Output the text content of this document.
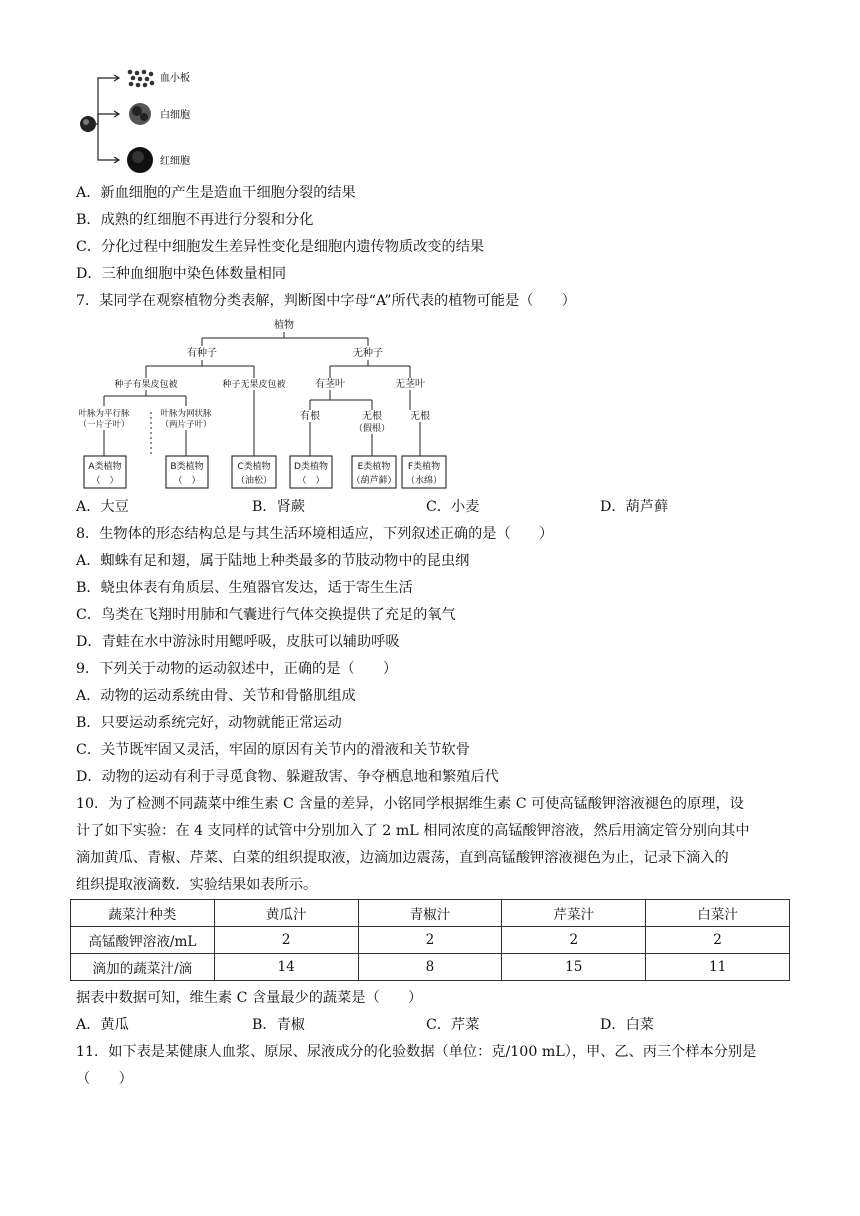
血小板
白细胞
红细胞
A．新血细胞的产生是造血干细胞分裂的结果
B．成熟的红细胞不再进行分裂和分化
C．分化过程中细胞发生差异性变化是细胞内遗传物质改变的结果
D．三种血细胞中染色体数量相同
7．某同学在观察植物分类表解，判断图中字母“A”所代表的植物可能是（　　）
植物
有种子	无种子
种子有果皮包被	种子无果皮包被	有茎叶	无茎叶
叶脉为平行脉
（一片子叶）
叶脉为网状脉
（两片子叶）
有根	无根
（假根）
无根
A类植物
（　）
B类植物
（　）
C类植物
（油松）
D类植物
（　）
E类植物
（葫芦藓）
F类植物
（水绵）
A．大豆	B．肾蕨	C．小麦	D．葫芦藓
8．生物体的形态结构总是与其生活环境相适应，下列叙述正确的是（　　）
A．蜘蛛有足和翅，属于陆地上种类最多的节肢动物中的昆虫纲
B．蛲虫体表有角质层、生殖器官发达，适于寄生生活
C．鸟类在飞翔时用肺和气囊进行气体交换提供了充足的氧气
D．青蛙在水中游泳时用鳃呼吸，皮肤可以辅助呼吸
9．下列关于动物的运动叙述中，正确的是（　　）
A．动物的运动系统由骨、关节和骨骼肌组成
B．只要运动系统完好，动物就能正常运动
C．关节既牢固又灵活，牢固的原因有关节内的滑液和关节软骨
D．动物的运动有利于寻觅食物、躲避敌害、争夺栖息地和繁殖后代
10．为了检测不同蔬菜中维生素 C 含量的差异，小铭同学根据维生素 C 可使高锰酸钾溶液褪色的原理，设
计了如下实验：在 4 支同样的试管中分别加入了 2 mL 相同浓度的高锰酸钾溶液，然后用滴定管分别向其中
滴加黄瓜、青椒、芹菜、白菜的组织提取液，边滴加边震荡，直到高锰酸钾溶液褪色为止，记录下滴入的
组织提取液滴数．实验结果如表所示。
蔬菜汁种类	黄瓜汁	青椒汁	芹菜汁	白菜汁
高锰酸钾溶液/mL	2	2	2	2
滴加的蔬菜汁/滴	14	8	15	11
据表中数据可知，维生素 C 含量最少的蔬菜是（　　）
A．黄瓜	B．青椒	C．芹菜	D．白菜
11．如下表是某健康人血浆、原尿、尿液成分的化验数据（单位：克/100 mL），甲、乙、丙三个样本分别是
（　　）
